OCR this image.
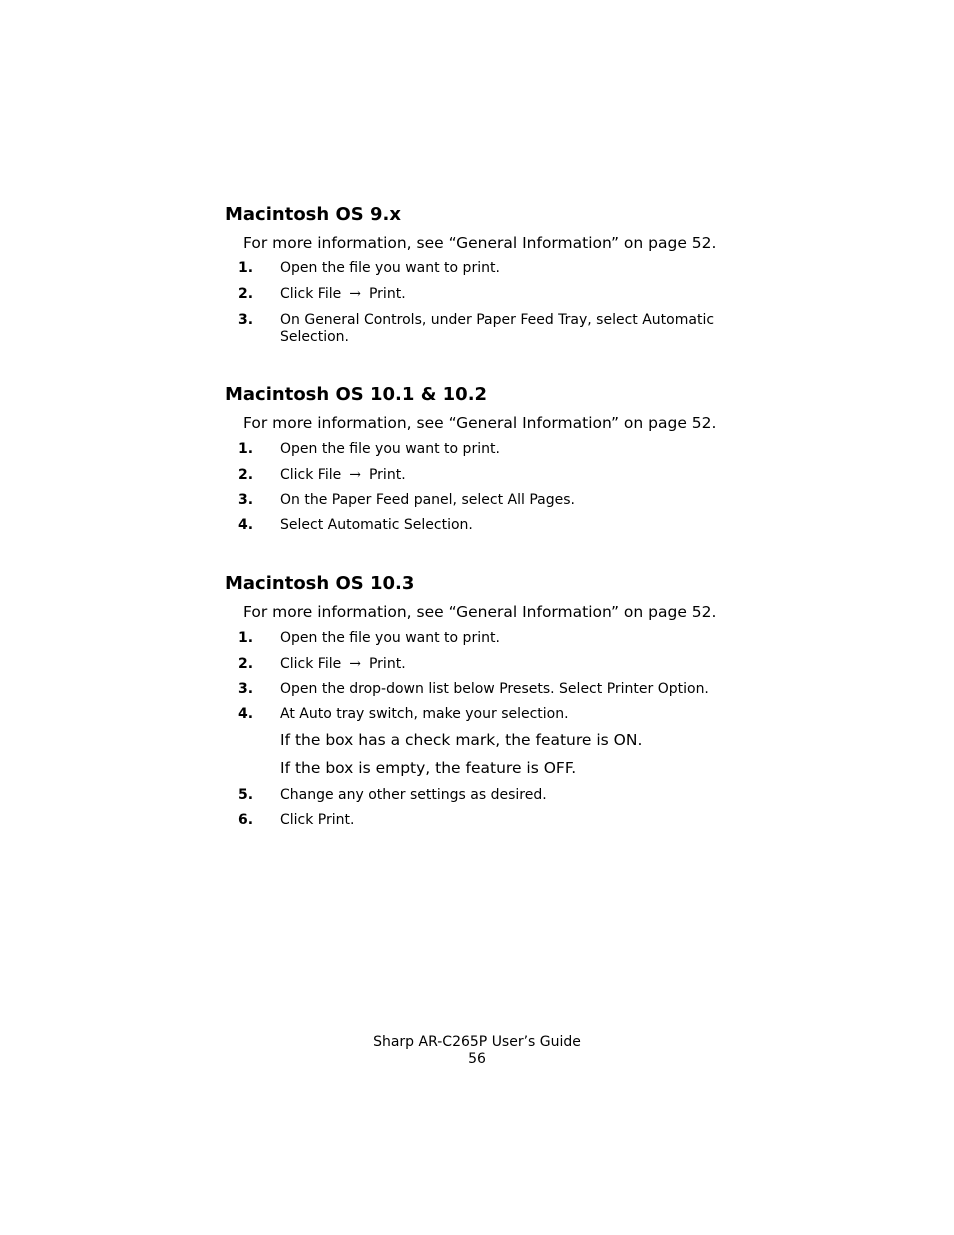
Macintosh OS 9.x
For more information, see “General Information” on page 52.
1. Open the file you want to print.
2. Click File → Print.
3. On General Controls, under Paper Feed Tray, select Automatic Selection.
Macintosh OS 10.1 & 10.2
For more information, see “General Information” on page 52.
1. Open the file you want to print.
2. Click File → Print.
3. On the Paper Feed panel, select All Pages.
4. Select Automatic Selection.
Macintosh OS 10.3
For more information, see “General Information” on page 52.
1. Open the file you want to print.
2. Click File → Print.
3. Open the drop-down list below Presets. Select Printer Option.
4. At Auto tray switch, make your selection.
If the box has a check mark, the feature is ON.
If the box is empty, the feature is OFF.
5. Change any other settings as desired.
6. Click Print.
Sharp AR-C265P User’s Guide
56
